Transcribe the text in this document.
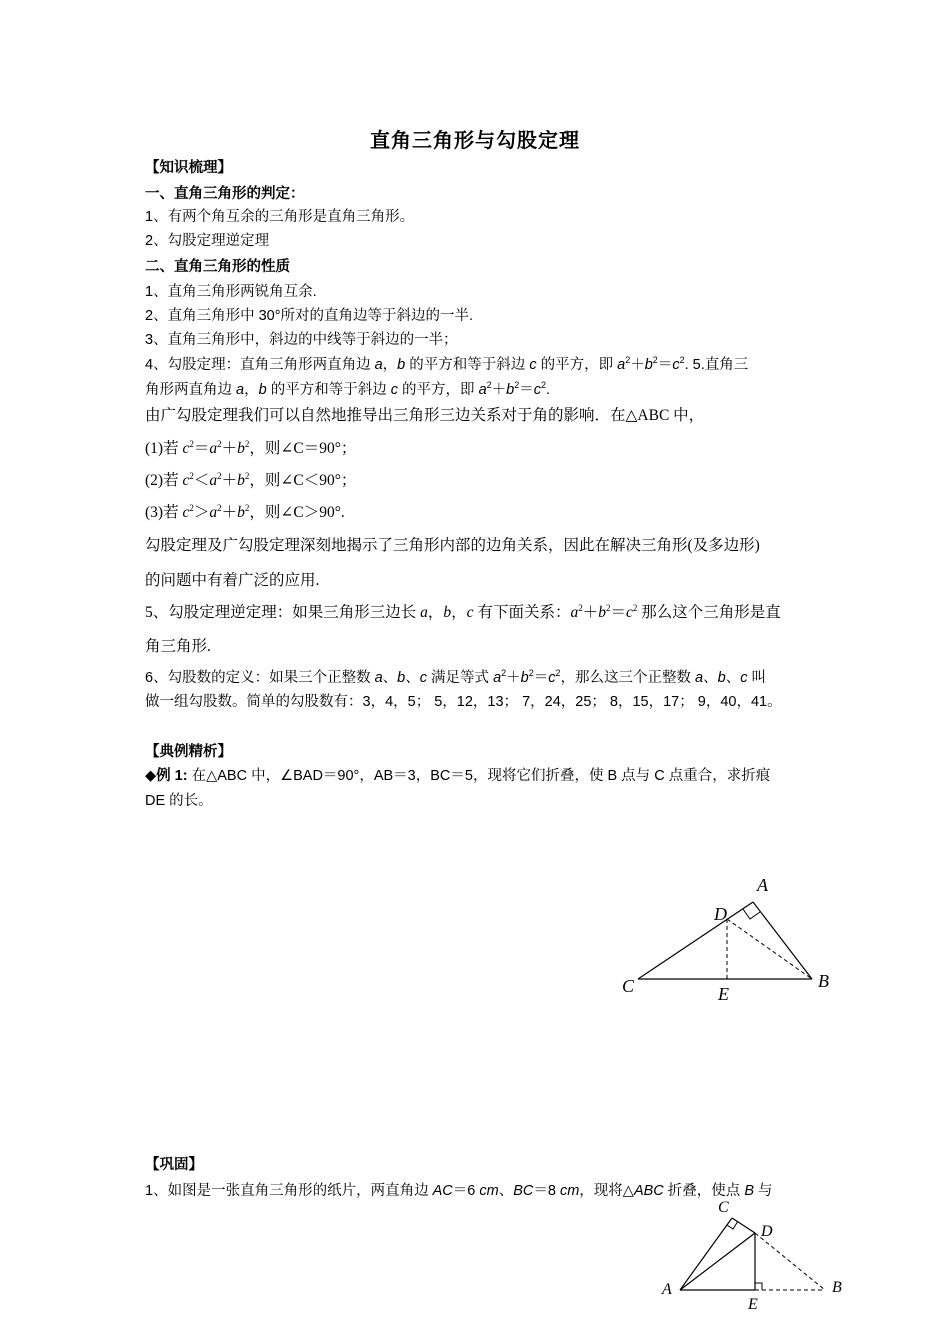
直角三角形与勾股定理
【知识梳理】
一、直角三角形的判定：
1、有两个角互余的三角形是直角三角形。
2、勾股定理逆定理
二、直角三角形的性质
1、直角三角形两锐角互余.
2、直角三角形中 30°所对的直角边等于斜边的一半.
3、直角三角形中，斜边的中线等于斜边的一半；
4、勾股定理：直角三角形两直角边 a，b 的平方和等于斜边 c 的平方，即 $a^2+b^2=c^2$. 5.直角三
角形两直角边 a，b 的平方和等于斜边 c 的平方，即 $a^2+b^2=c^2$.
由广勾股定理我们可以自然地推导出三角形三边关系对于角的影响．在△ABC 中，
(1)若 $c^2=a^2+b^2$，则∠C＝90°；
(2)若 $c^2<a^2+b^2$，则∠C＜90°；
(3)若 $c^2>a^2+b^2$，则∠C＞90°.
勾股定理及广勾股定理深刻地揭示了三角形内部的边角关系，因此在解决三角形(及多边形)
的问题中有着广泛的应用.
5、勾股定理逆定理：如果三角形三边长 a，b，c 有下面关系：$a^2+b^2=c^2$ 那么这个三角形是直
角三角形.
6、勾股数的定义：如果三个正整数 a、b、c 满足等式 $a^2+b^2=c^2$，那么这三个正整数 a、b、c 叫
做一组勾股数。简单的勾股数有：3，4，5； 5，12，13； 7，24，25； 8，15，17； 9，40，41。
【典例精析】
◆例 1: 在△ABC 中，∠BAD＝90°，AB＝3，BC＝5，现将它们折叠，使 B 点与 C 点重合，求折痕
DE 的长。
A
D
C	B
E
【巩固】
1、如图是一张直角三角形的纸片，两直角边 AC＝6 cm、BC＝8 cm，现将△ABC 折叠，使点 B 与
C
D
A	B
E
